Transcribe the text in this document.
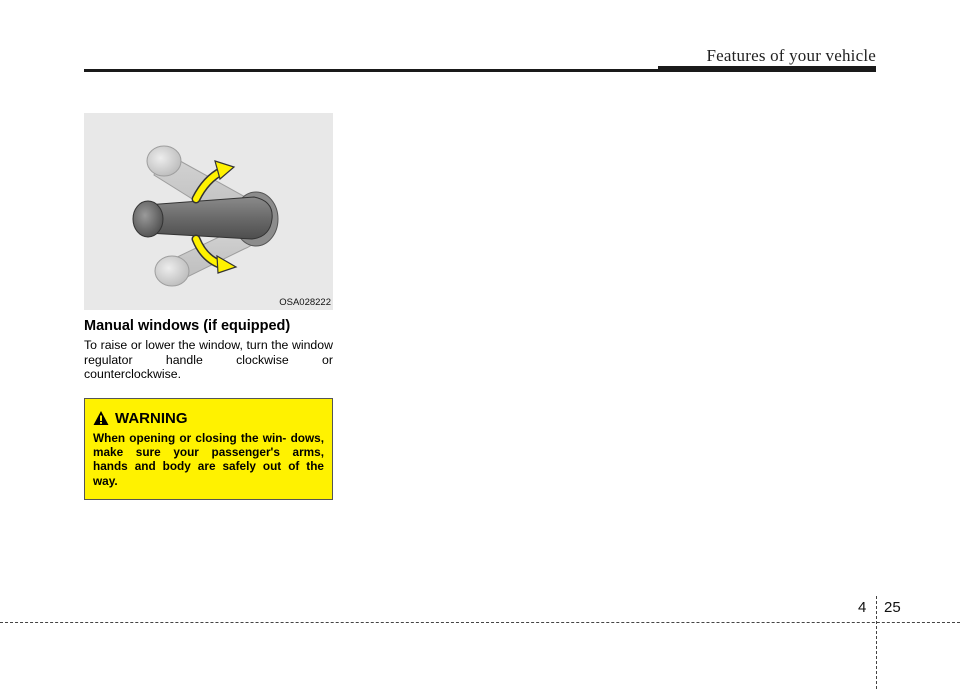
Features of your vehicle
OSA028222
Manual windows (if equipped)

To raise or lower the window, turn the window regulator handle clockwise or counterclockwise.

WARNING

When opening or closing the win- dows, make sure your passenger's arms, hands and body are safely out of the way.

4 25
